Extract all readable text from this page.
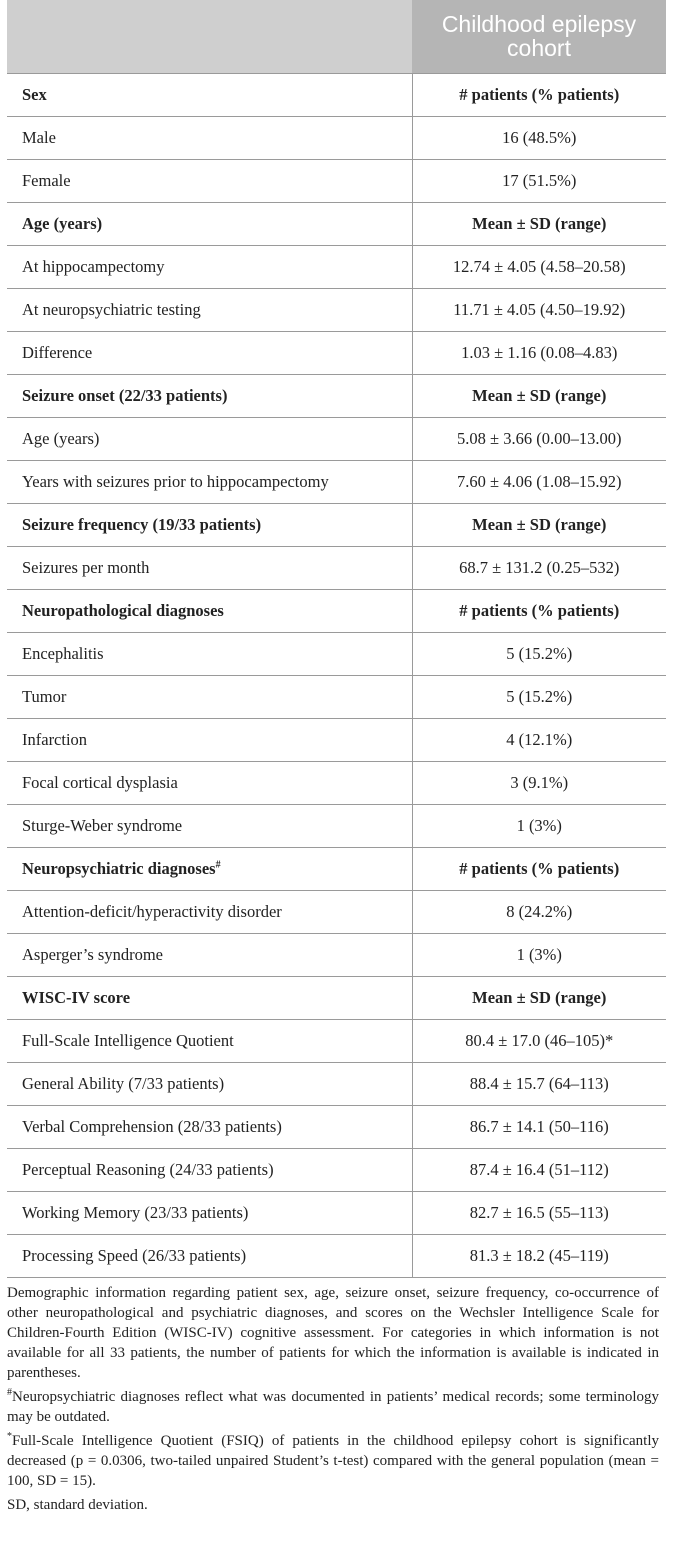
	Childhood epilepsy cohort
Sex	# patients (% patients)
Male	16 (48.5%)
Female	17 (51.5%)
Age (years)	Mean ± SD (range)
At hippocampectomy	12.74 ± 4.05 (4.58–20.58)
At neuropsychiatric testing	11.71 ± 4.05 (4.50–19.92)
Difference	1.03 ± 1.16 (0.08–4.83)
Seizure onset (22/33 patients)	Mean ± SD (range)
Age (years)	5.08 ± 3.66 (0.00–13.00)
Years with seizures prior to hippocampectomy	7.60 ± 4.06 (1.08–15.92)
Seizure frequency (19/33 patients)	Mean ± SD (range)
Seizures per month	68.7 ± 131.2 (0.25–532)
Neuropathological diagnoses	# patients (% patients)
Encephalitis	5 (15.2%)
Tumor	5 (15.2%)
Infarction	4 (12.1%)
Focal cortical dysplasia	3 (9.1%)
Sturge-Weber syndrome	1 (3%)
Neuropsychiatric diagnoses#	# patients (% patients)
Attention-deficit/hyperactivity disorder	8 (24.2%)
Asperger’s syndrome	1 (3%)
WISC-IV score	Mean ± SD (range)
Full-Scale Intelligence Quotient	80.4 ± 17.0 (46–105)*
General Ability (7/33 patients)	88.4 ± 15.7 (64–113)
Verbal Comprehension (28/33 patients)	86.7 ± 14.1 (50–116)
Perceptual Reasoning (24/33 patients)	87.4 ± 16.4 (51–112)
Working Memory (23/33 patients)	82.7 ± 16.5 (55–113)
Processing Speed (26/33 patients)	81.3 ± 18.2 (45–119)

Demographic information regarding patient sex, age, seizure onset, seizure frequency, co-occurrence of other neuropathological and psychiatric diagnoses, and scores on the Wechsler Intelligence Scale for Children-Fourth Edition (WISC-IV) cognitive assessment. For categories in which information is not available for all 33 patients, the number of patients for which the information is available is indicated in parentheses.

#Neuropsychiatric diagnoses reflect what was documented in patients’ medical records; some terminology may be outdated.

*Full-Scale Intelligence Quotient (FSIQ) of patients in the childhood epilepsy cohort is significantly decreased (p = 0.0306, two-tailed unpaired Student’s t-test) compared with the general population (mean = 100, SD = 15).

SD, standard deviation.
